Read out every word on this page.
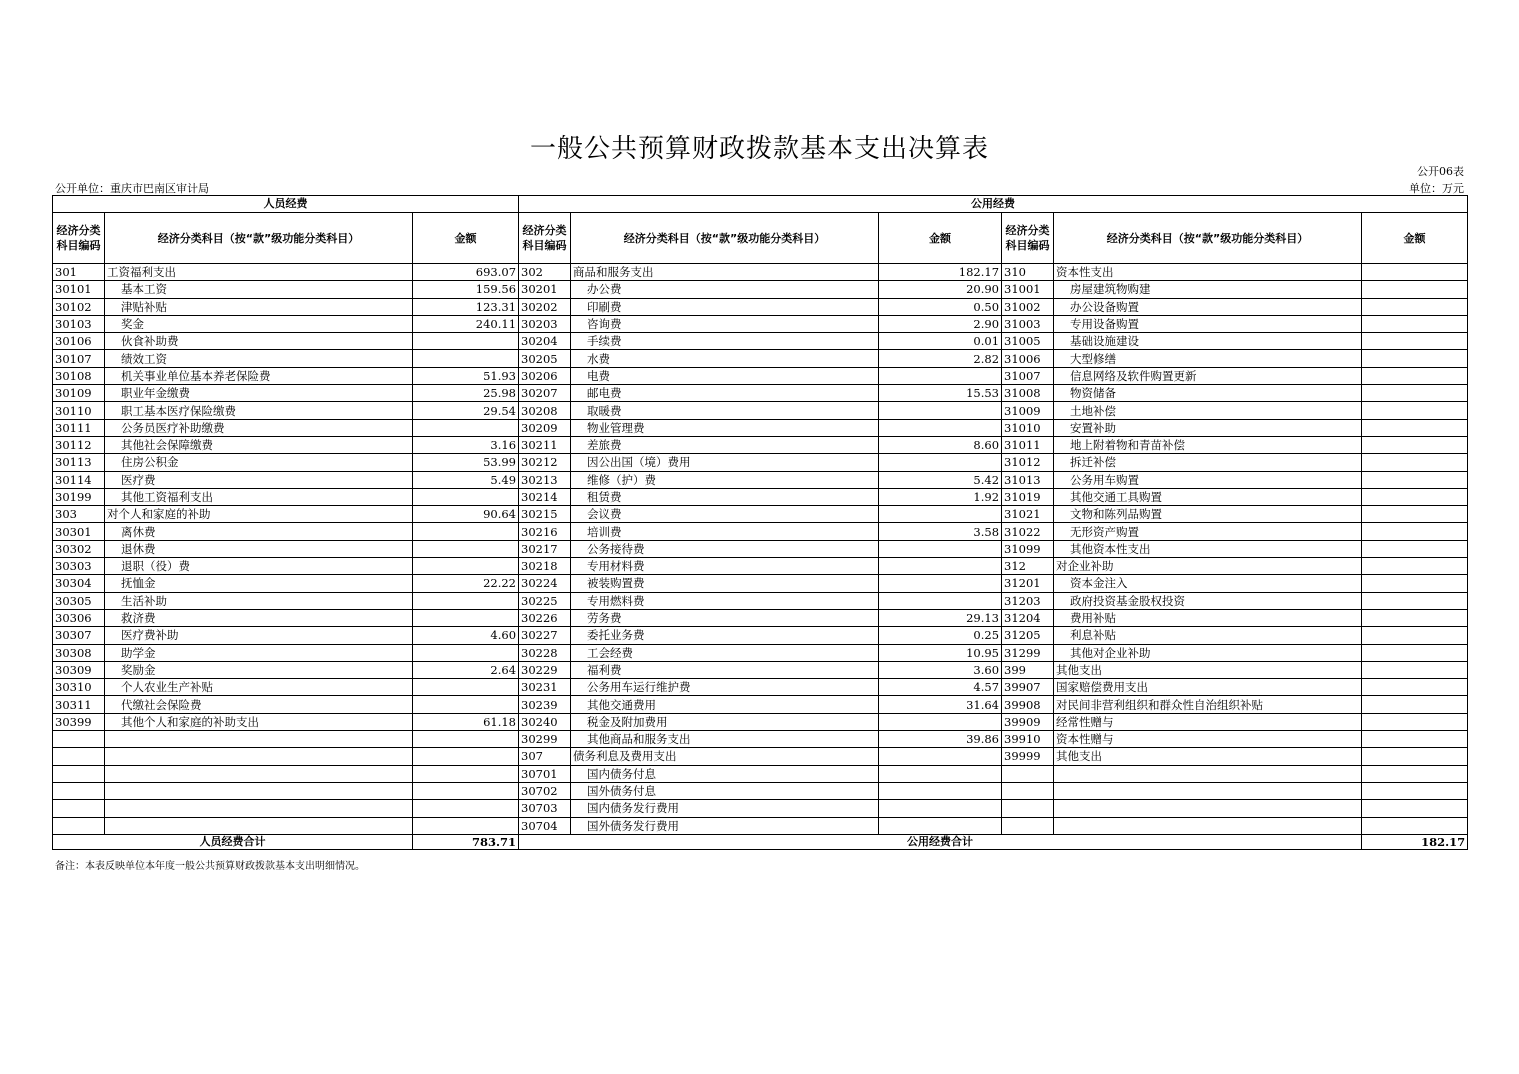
一般公共预算财政拨款基本支出决算表
公开06表
公开单位：重庆市巴南区审计局	单位：万元
人员经费			公用经费					
经济分类科目编码	经济分类科目（按“款”级功能分类科目）	金额	经济分类科目编码	经济分类科目（按“款”级功能分类科目）	金额	经济分类科目编码	经济分类科目（按“款”级功能分类科目）	金额
301	工资福利支出	693.07	302	商品和服务支出	182.17	310	资本性支出	
30101	基本工资	159.56	30201	办公费	20.90	31001	房屋建筑物购建	
30102	津贴补贴	123.31	30202	印刷费	0.50	31002	办公设备购置	
30103	奖金	240.11	30203	咨询费	2.90	31003	专用设备购置	
30106	伙食补助费		30204	手续费	0.01	31005	基础设施建设	
30107	绩效工资		30205	水费	2.82	31006	大型修缮	
30108	机关事业单位基本养老保险费	51.93	30206	电费		31007	信息网络及软件购置更新	
30109	职业年金缴费	25.98	30207	邮电费	15.53	31008	物资储备	
30110	职工基本医疗保险缴费	29.54	30208	取暖费		31009	土地补偿	
30111	公务员医疗补助缴费		30209	物业管理费		31010	安置补助	
30112	其他社会保障缴费	3.16	30211	差旅费	8.60	31011	地上附着物和青苗补偿	
30113	住房公积金	53.99	30212	因公出国（境）费用		31012	拆迁补偿	
30114	医疗费	5.49	30213	维修（护）费	5.42	31013	公务用车购置	
30199	其他工资福利支出		30214	租赁费	1.92	31019	其他交通工具购置	
303	对个人和家庭的补助	90.64	30215	会议费		31021	文物和陈列品购置	
30301	离休费		30216	培训费	3.58	31022	无形资产购置	
30302	退休费		30217	公务接待费		31099	其他资本性支出	
30303	退职（役）费		30218	专用材料费		312	对企业补助	
30304	抚恤金	22.22	30224	被装购置费		31201	资本金注入	
30305	生活补助		30225	专用燃料费		31203	政府投资基金股权投资	
30306	救济费		30226	劳务费	29.13	31204	费用补贴	
30307	医疗费补助	4.60	30227	委托业务费	0.25	31205	利息补贴	
30308	助学金		30228	工会经费	10.95	31299	其他对企业补助	
30309	奖励金	2.64	30229	福利费	3.60	399	其他支出	
30310	个人农业生产补贴		30231	公务用车运行维护费	4.57	39907	国家赔偿费用支出	
30311	代缴社会保险费		30239	其他交通费用	31.64	39908	对民间非营利组织和群众性自治组织补贴	
30399	其他个人和家庭的补助支出	61.18	30240	税金及附加费用		39909	经常性赠与	
			30299	其他商品和服务支出	39.86	39910	资本性赠与	
			307	债务利息及费用支出		39999	其他支出	
			30701	国内债务付息				
			30702	国外债务付息				
			30703	国内债务发行费用				
			30704	国外债务发行费用				
人员经费合计		783.71	公用经费合计					182.17
备注：本表反映单位本年度一般公共预算财政拨款基本支出明细情况。
